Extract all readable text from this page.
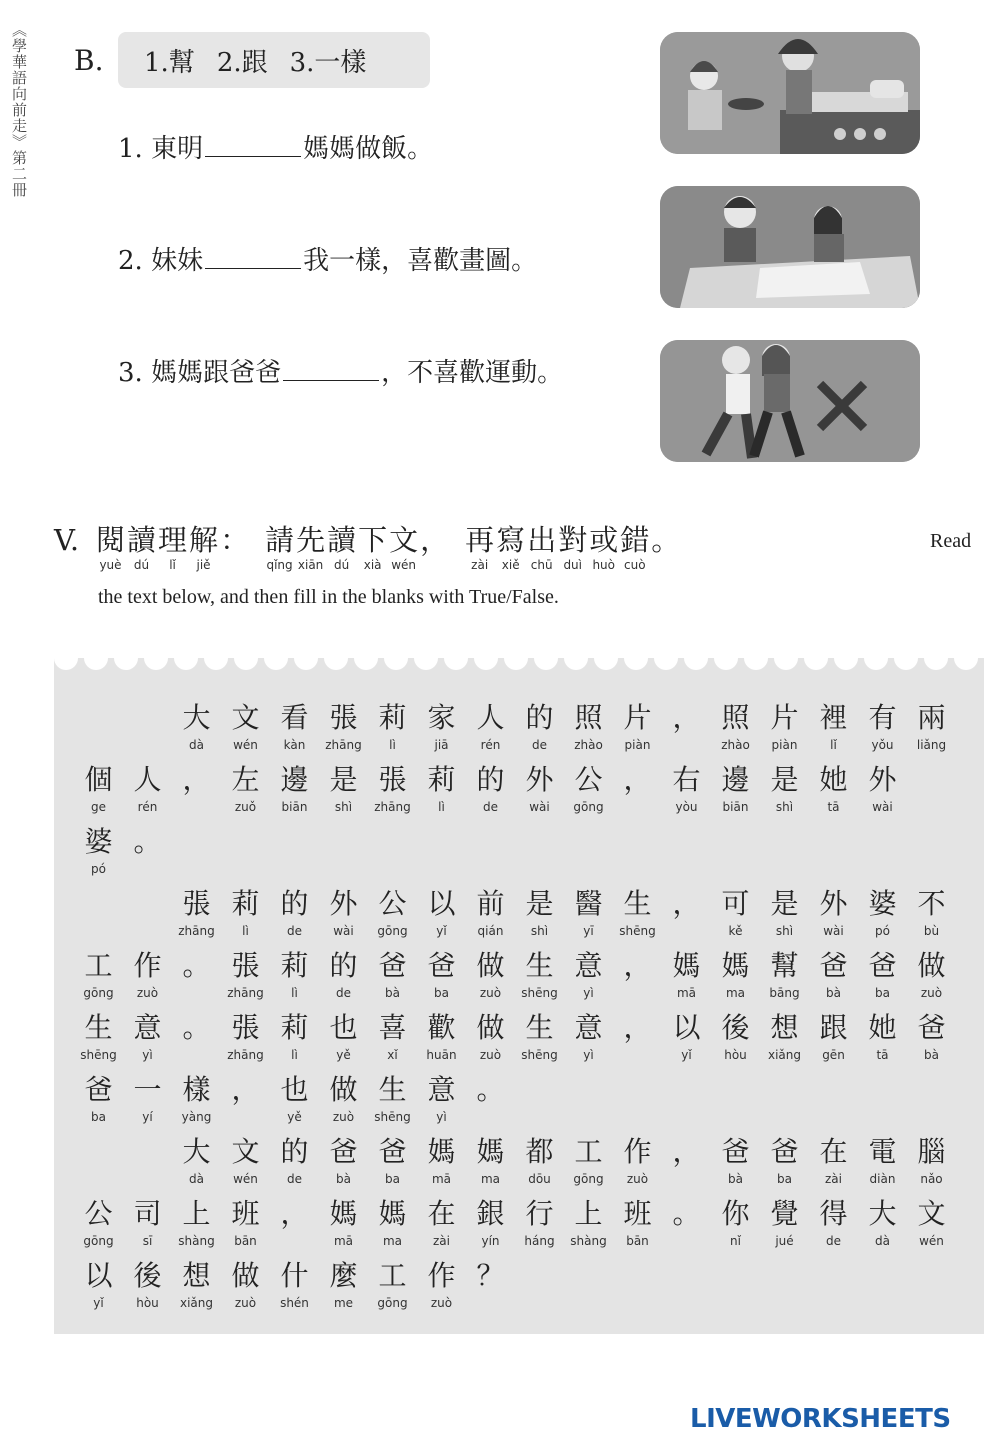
《學華語向前走》第二冊 B. 1.幫 2.跟 3.一樣
1. 東明	媽媽做飯。
2. 妹妹	我一樣，喜歡畫圖。
3. 媽媽跟爸爸	，不喜歡運動。
V.
閱
yuè
讀
dú
理
lǐ
解
jiě
： 請
qǐng
先
xiān
讀
dú
下
xià
文
wén
， 再
zài
寫
xiě
出
chū
對
duì
或
huò
錯
cuò
。	Read
the text below, and then fill in the blanks with True/False.

大
dà
文
wén
看
kàn
張
zhāng
莉
lì
家
jiā
人
rén
的
de
照
zhào
片
piàn
， 照
zhào
片
piàn
裡
lǐ
有
yǒu
兩
liǎng
個
ge
人
rén
， 左
zuǒ
邊
biān
是
shì
張
zhāng
莉
lì
的
de
外
wài
公
gōng
， 右
yòu
邊
biān
是
shì
她
tā
外
wài
婆
pó
。

張
zhāng
莉
lì
的
de
外
wài
公
gōng
以
yǐ
前
qián
是
shì
醫
yī
生
shēng
， 可
kě
是
shì
外
wài
婆
pó
不
bù
工
gōng
作
zuò
。 張
zhāng
莉
lì
的
de
爸
bà
爸
ba
做
zuò
生
shēng
意
yì
， 媽
mā
媽
ma
幫
bāng
爸
bà
爸
ba
做
zuò
生
shēng
意
yì
。 張
zhāng
莉
lì
也
yě
喜
xǐ
歡
huān
做
zuò
生
shēng
意
yì
， 以
yǐ
後
hòu
想
xiǎng
跟
gēn
她
tā
爸
bà
爸
ba
一
yí
樣
yàng
， 也
yě
做
zuò
生
shēng
意
yì
。

大
dà
文
wén
的
de
爸
bà
爸
ba
媽
mā
媽
ma
都
dōu
工
gōng
作
zuò
， 爸
bà
爸
ba
在
zài
電
diàn
腦
nǎo
公
gōng
司
sī
上
shàng
班
bān
， 媽
mā
媽
ma
在
zài
銀
yín
行
háng
上
shàng
班
bān
。 你
nǐ
覺
jué
得
de
大
dà
文
wén
以
yǐ
後
hòu
想
xiǎng
做
zuò
什
shén
麼
me
工
gōng
作
zuò
？
LIVEWORKSHEETS
